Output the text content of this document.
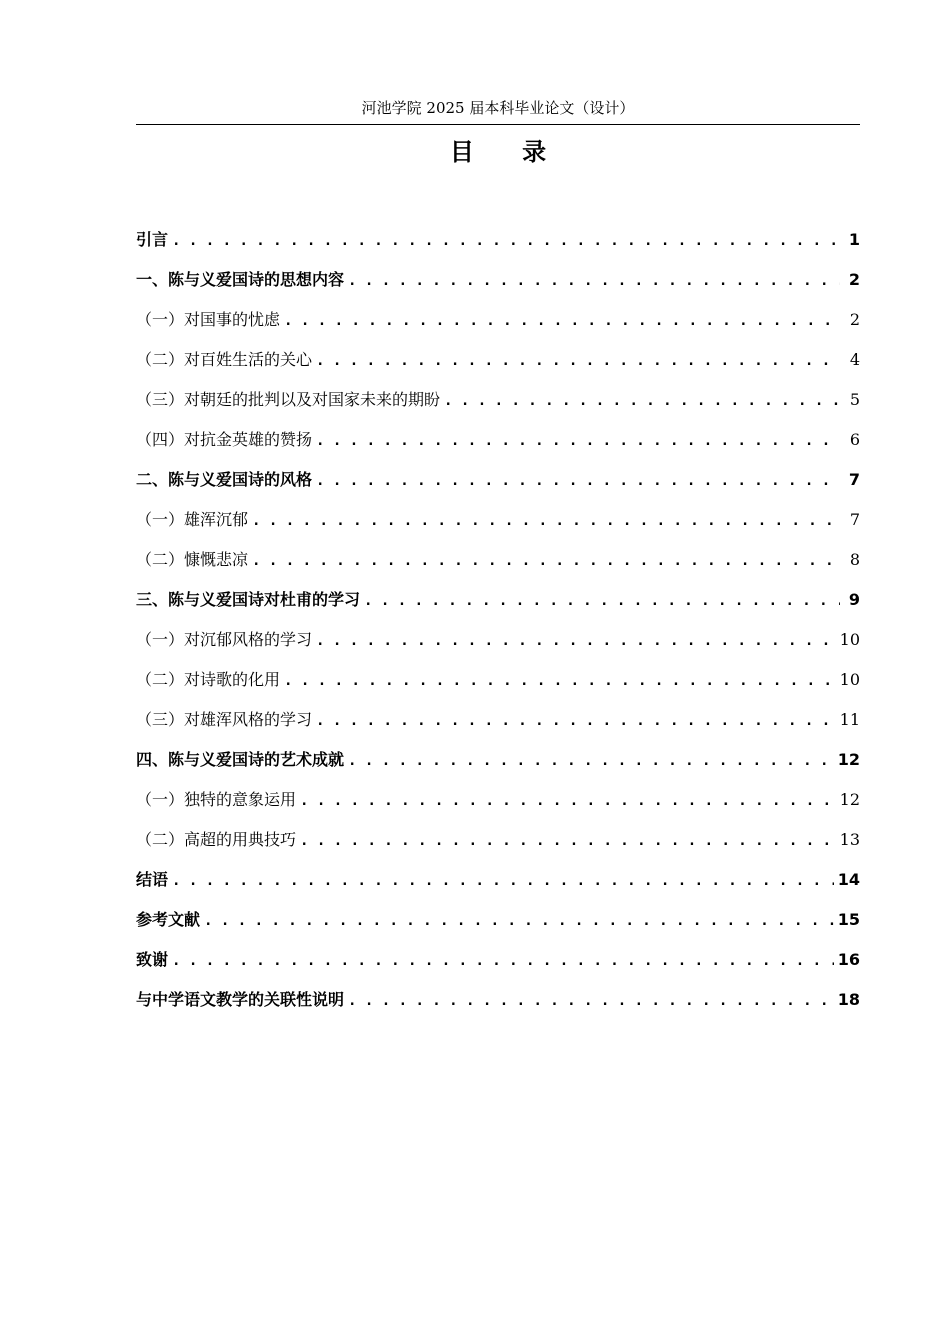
河池学院 2025 届本科毕业论文（设计）
目 录
引言 . . .	1
一、陈与义爱国诗的思想内容 . . .	2
（一）对国事的忧虑 . . .	2
（二）对百姓生活的关心 . . .	4
（三）对朝廷的批判以及对国家未来的期盼 . . .	5
（四）对抗金英雄的赞扬 . . .	6
二、陈与义爱国诗的风格 . . .	7
（一）雄浑沉郁 . . .	7
（二）慷慨悲凉 . . .	8
三、陈与义爱国诗对杜甫的学习 . . .	9
（一）对沉郁风格的学习 . . .	10
（二）对诗歌的化用 . . .	10
（三）对雄浑风格的学习 . . .	11
四、陈与义爱国诗的艺术成就 . . .	12
（一）独特的意象运用 . . .	12
（二）高超的用典技巧 . . .	13
结语 . . .	14
参考文献 . . .	15
致谢 . . .	16
与中学语文教学的关联性说明 . . .	18
